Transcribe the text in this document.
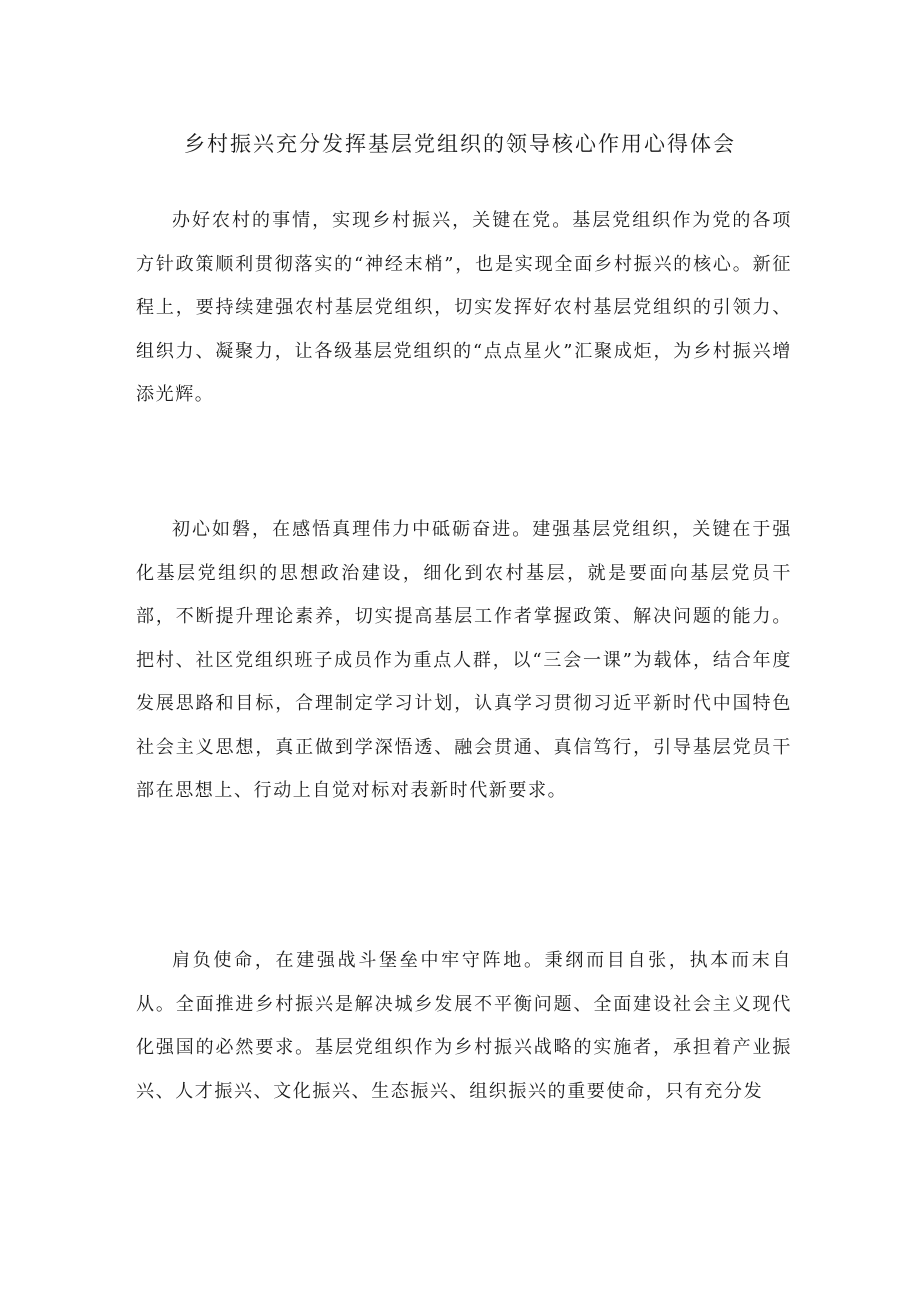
乡村振兴充分发挥基层党组织的领导核心作用心得体会

办好农村的事情，实现乡村振兴，关键在党。基层党组织作为党的各项方针政策顺利贯彻落实的“神经末梢”，也是实现全面乡村振兴的核心。新征程上，要持续建强农村基层党组织，切实发挥好农村基层党组织的引领力、组织力、凝聚力，让各级基层党组织的“点点星火”汇聚成炬，为乡村振兴增添光辉。

初心如磐，在感悟真理伟力中砥砺奋进。建强基层党组织，关键在于强化基层党组织的思想政治建设，细化到农村基层，就是要面向基层党员干部，不断提升理论素养，切实提高基层工作者掌握政策、解决问题的能力。把村、社区党组织班子成员作为重点人群，以“三会一课”为载体，结合年度发展思路和目标，合理制定学习计划，认真学习贯彻习近平新时代中国特色社会主义思想，真正做到学深悟透、融会贯通、真信笃行，引导基层党员干部在思想上、行动上自觉对标对表新时代新要求。

肩负使命，在建强战斗堡垒中牢守阵地。秉纲而目自张，执本而末自从。全面推进乡村振兴是解决城乡发展不平衡问题、全面建设社会主义现代化强国的必然要求。基层党组织作为乡村振兴战略的实施者，承担着产业振兴、人才振兴、文化振兴、生态振兴、组织振兴的重要使命，只有充分发
